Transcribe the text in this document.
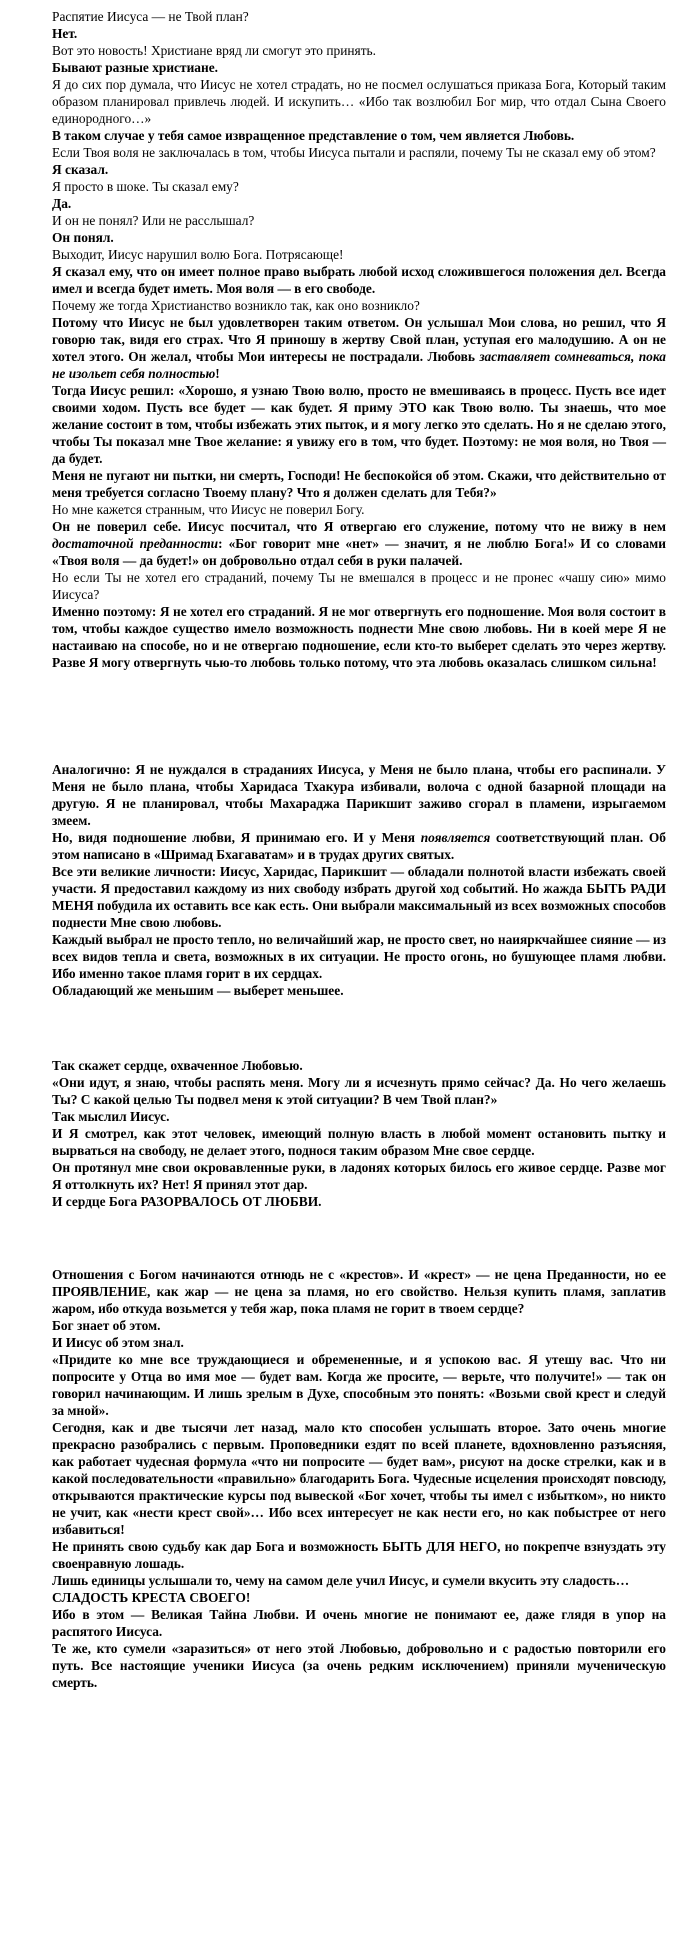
Распятие Иисуса — не Твой план?

Нет.

Вот это новость! Христиане вряд ли смогут это принять.

Бывают разные христиане.

Я до сих пор думала, что Иисус не хотел страдать, но не посмел ослушаться приказа Бога, Который таким образом планировал привлечь людей. И искупить… «Ибо так возлюбил Бог мир, что отдал Сына Своего единородного…»

В таком случае у тебя самое извращенное представление о том, чем является Любовь.

Если Твоя воля не заключалась в том, чтобы Иисуса пытали и распяли, почему Ты не сказал ему об этом?

Я сказал.

Я просто в шоке. Ты сказал ему?

Да.

И он не понял? Или не расслышал?

Он понял.

Выходит, Иисус нарушил волю Бога. Потрясающе!

Я сказал ему, что он имеет полное право выбрать любой исход сложившегося положения дел. Всегда имел и всегда будет иметь. Моя воля — в его свободе.

Почему же тогда Христианство возникло так, как оно возникло?

Потому что Иисус не был удовлетворен таким ответом. Он услышал Мои слова, но решил, что Я говорю так, видя его страх. Что Я приношу в жертву Свой план, уступая его малодушию. А он не хотел этого. Он желал, чтобы Мои интересы не пострадали. Любовь заставляет сомневаться, пока не изольет себя полностью!

Тогда Иисус решил: «Хорошо, я узнаю Твою волю, просто не вмешиваясь в процесс. Пусть все идет своими ходом. Пусть все будет — как будет. Я приму ЭТО как Твою волю. Ты знаешь, что мое желание состоит в том, чтобы избежать этих пыток, и я могу легко это сделать. Но я не сделаю этого, чтобы Ты показал мне Твое желание: я увижу его в том, что будет. Поэтому: не моя воля, но Твоя — да будет.

Меня не пугают ни пытки, ни смерть, Господи! Не беспокойся об этом. Скажи, что действительно от меня требуется согласно Твоему плану? Что я должен сделать для Тебя?»

Но мне кажется странным, что Иисус не поверил Богу.

Он не поверил себе. Иисус посчитал, что Я отвергаю его служение, потому что не вижу в нем достаточной преданности: «Бог говорит мне «нет» — значит, я не люблю Бога!» И со словами «Твоя воля — да будет!» он добровольно отдал себя в руки палачей.

Но если Ты не хотел его страданий, почему Ты не вмешался в процесс и не пронес «чашу сию» мимо Иисуса?

Именно поэтому: Я не хотел его страданий. Я не мог отвергнуть его подношение. Моя воля состоит в том, чтобы каждое существо имело возможность поднести Мне свою любовь. Ни в коей мере Я не настаиваю на способе, но и не отвергаю подношение, если кто-то выберет сделать это через жертву. Разве Я могу отвергнуть чью-то любовь только потому, что эта любовь оказалась слишком сильна!

Аналогично: Я не нуждался в страданиях Иисуса, у Меня не было плана, чтобы его распинали. У Меня не было плана, чтобы Харидаса Тхакура избивали, волоча с одной базарной площади на другую. Я не планировал, чтобы Махараджа Парикшит заживо сгорал в пламени, изрыгаемом змеем.

Но, видя подношение любви, Я принимаю его. И у Меня появляется соответствующий план. Об этом написано в «Шримад Бхагаватам» и в трудах других святых.

Все эти великие личности: Иисус, Харидас, Парикшит — обладали полнотой власти избежать своей участи. Я предоставил каждому из них свободу избрать другой ход событий. Но жажда БЫТЬ РАДИ МЕНЯ побудила их оставить все как есть. Они выбрали максимальный из всех возможных способов поднести Мне свою любовь.

Каждый выбрал не просто тепло, но величайший жар, не просто свет, но наияркчайшее сияние — из всех видов тепла и света, возможных в их ситуации. Не просто огонь, но бушующее пламя любви. Ибо именно такое пламя горит в их сердцах.

Обладающий же меньшим — выберет меньшее.

Так скажет сердце, охваченное Любовью.

«Они идут, я знаю, чтобы распять меня. Могу ли я исчезнуть прямо сейчас? Да. Но чего желаешь Ты? С какой целью Ты подвел меня к этой ситуации? В чем Твой план?»

Так мыслил Иисус.

И Я смотрел, как этот человек, имеющий полную власть в любой момент остановить пытку и вырваться на свободу, не делает этого, поднося таким образом Мне свое сердце.

Он протянул мне свои окровавленные руки, в ладонях которых билось его живое сердце. Разве мог Я оттолкнуть их? Нет! Я принял этот дар.

И сердце Бога РАЗОРВАЛОСЬ ОТ ЛЮБВИ.

Отношения с Богом начинаются отнюдь не с «крестов». И «крест» — не цена Преданности, но ее ПРОЯВЛЕНИЕ, как жар — не цена за пламя, но его свойство. Нельзя купить пламя, заплатив жаром, ибо откуда возьмется у тебя жар, пока пламя не горит в твоем сердце?

Бог знает об этом.

И Иисус об этом знал.

«Придите ко мне все труждающиеся и обремененные, и я успокою вас. Я утешу вас. Что ни попросите у Отца во имя мое — будет вам. Когда же просите, — верьте, что получите!» — так он говорил начинающим. И лишь зрелым в Духе, способным это понять: «Возьми свой крест и следуй за мной».

Сегодня, как и две тысячи лет назад, мало кто способен услышать второе. Зато очень многие прекрасно разобрались с первым. Проповедники ездят по всей планете, вдохновленно разъясняя, как работает чудесная формула «что ни попросите — будет вам», рисуют на доске стрелки, как и в какой последовательности «правильно» благодарить Бога. Чудесные исцеления происходят повсюду, открываются практические курсы под вывеской «Бог хочет, чтобы ты имел с избытком», но никто не учит, как «нести крест свой»… Ибо всех интересует не как нести его, но как побыстрее от него избавиться!

Не принять свою судьбу как дар Бога и возможность БЫТЬ ДЛЯ НЕГО, но покрепче взнуздать эту своенравную лошадь.

Лишь единицы услышали то, чему на самом деле учил Иисус, и сумели вкусить эту сладость…

СЛАДОСТЬ КРЕСТА СВОЕГО!

Ибо в этом — Великая Тайна Любви. И очень многие не понимают ее, даже глядя в упор на распятого Иисуса.

Те же, кто сумели «заразиться» от него этой Любовью, добровольно и с радостью повторили его путь. Все настоящие ученики Иисуса (за очень редким исключением) приняли мученическую смерть.
